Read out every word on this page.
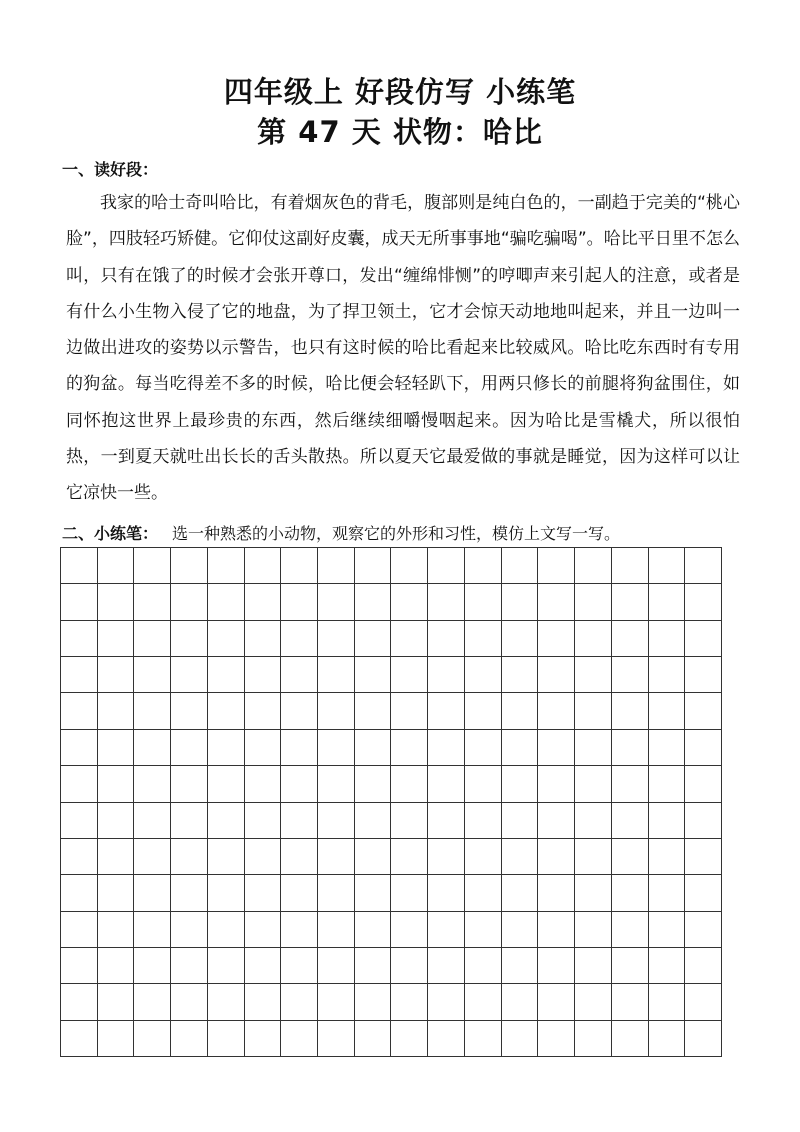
四年级上 好段仿写 小练笔
第 47 天 状物：哈比
一、读好段：

我家的哈士奇叫哈比，有着烟灰色的背毛，腹部则是纯白色的，一副趋于完美的“桃心脸”，四肢轻巧矫健。它仰仗这副好皮囊，成天无所事事地“骗吃骗喝”。哈比平日里不怎么叫，只有在饿了的时候才会张开尊口，发出“缠绵悱恻”的哼唧声来引起人的注意，或者是有什么小生物入侵了它的地盘，为了捍卫领土，它才会惊天动地地叫起来，并且一边叫一边做出进攻的姿势以示警告，也只有这时候的哈比看起来比较威风。哈比吃东西时有专用的狗盆。每当吃得差不多的时候，哈比便会轻轻趴下，用两只修长的前腿将狗盆围住，如同怀抱这世界上最珍贵的东西，然后继续细嚼慢咽起来。因为哈比是雪橇犬，所以很怕热，一到夏天就吐出长长的舌头散热。所以夏天它最爱做的事就是睡觉，因为这样可以让它凉快一些。

二、小练笔： 选一种熟悉的小动物，观察它的外形和习性，模仿上文写一写。
